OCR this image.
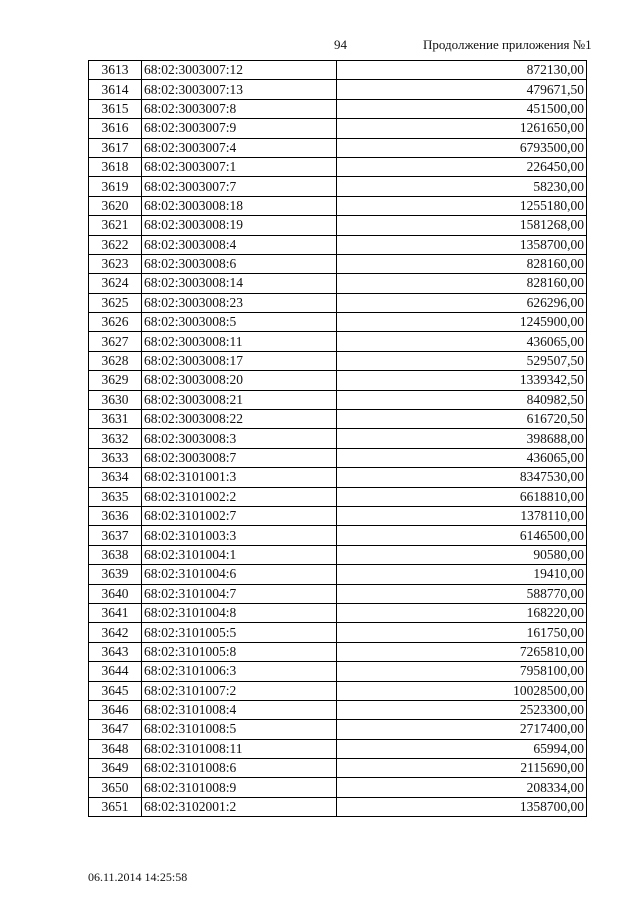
94	Продолжение приложения №1
3613	68:02:3003007:12	872130,00
3614	68:02:3003007:13	479671,50
3615	68:02:3003007:8	451500,00
3616	68:02:3003007:9	1261650,00
3617	68:02:3003007:4	6793500,00
3618	68:02:3003007:1	226450,00
3619	68:02:3003007:7	58230,00
3620	68:02:3003008:18	1255180,00
3621	68:02:3003008:19	1581268,00
3622	68:02:3003008:4	1358700,00
3623	68:02:3003008:6	828160,00
3624	68:02:3003008:14	828160,00
3625	68:02:3003008:23	626296,00
3626	68:02:3003008:5	1245900,00
3627	68:02:3003008:11	436065,00
3628	68:02:3003008:17	529507,50
3629	68:02:3003008:20	1339342,50
3630	68:02:3003008:21	840982,50
3631	68:02:3003008:22	616720,50
3632	68:02:3003008:3	398688,00
3633	68:02:3003008:7	436065,00
3634	68:02:3101001:3	8347530,00
3635	68:02:3101002:2	6618810,00
3636	68:02:3101002:7	1378110,00
3637	68:02:3101003:3	6146500,00
3638	68:02:3101004:1	90580,00
3639	68:02:3101004:6	19410,00
3640	68:02:3101004:7	588770,00
3641	68:02:3101004:8	168220,00
3642	68:02:3101005:5	161750,00
3643	68:02:3101005:8	7265810,00
3644	68:02:3101006:3	7958100,00
3645	68:02:3101007:2	10028500,00
3646	68:02:3101008:4	2523300,00
3647	68:02:3101008:5	2717400,00
3648	68:02:3101008:11	65994,00
3649	68:02:3101008:6	2115690,00
3650	68:02:3101008:9	208334,00
3651	68:02:3102001:2	1358700,00
06.11.2014 14:25:58
